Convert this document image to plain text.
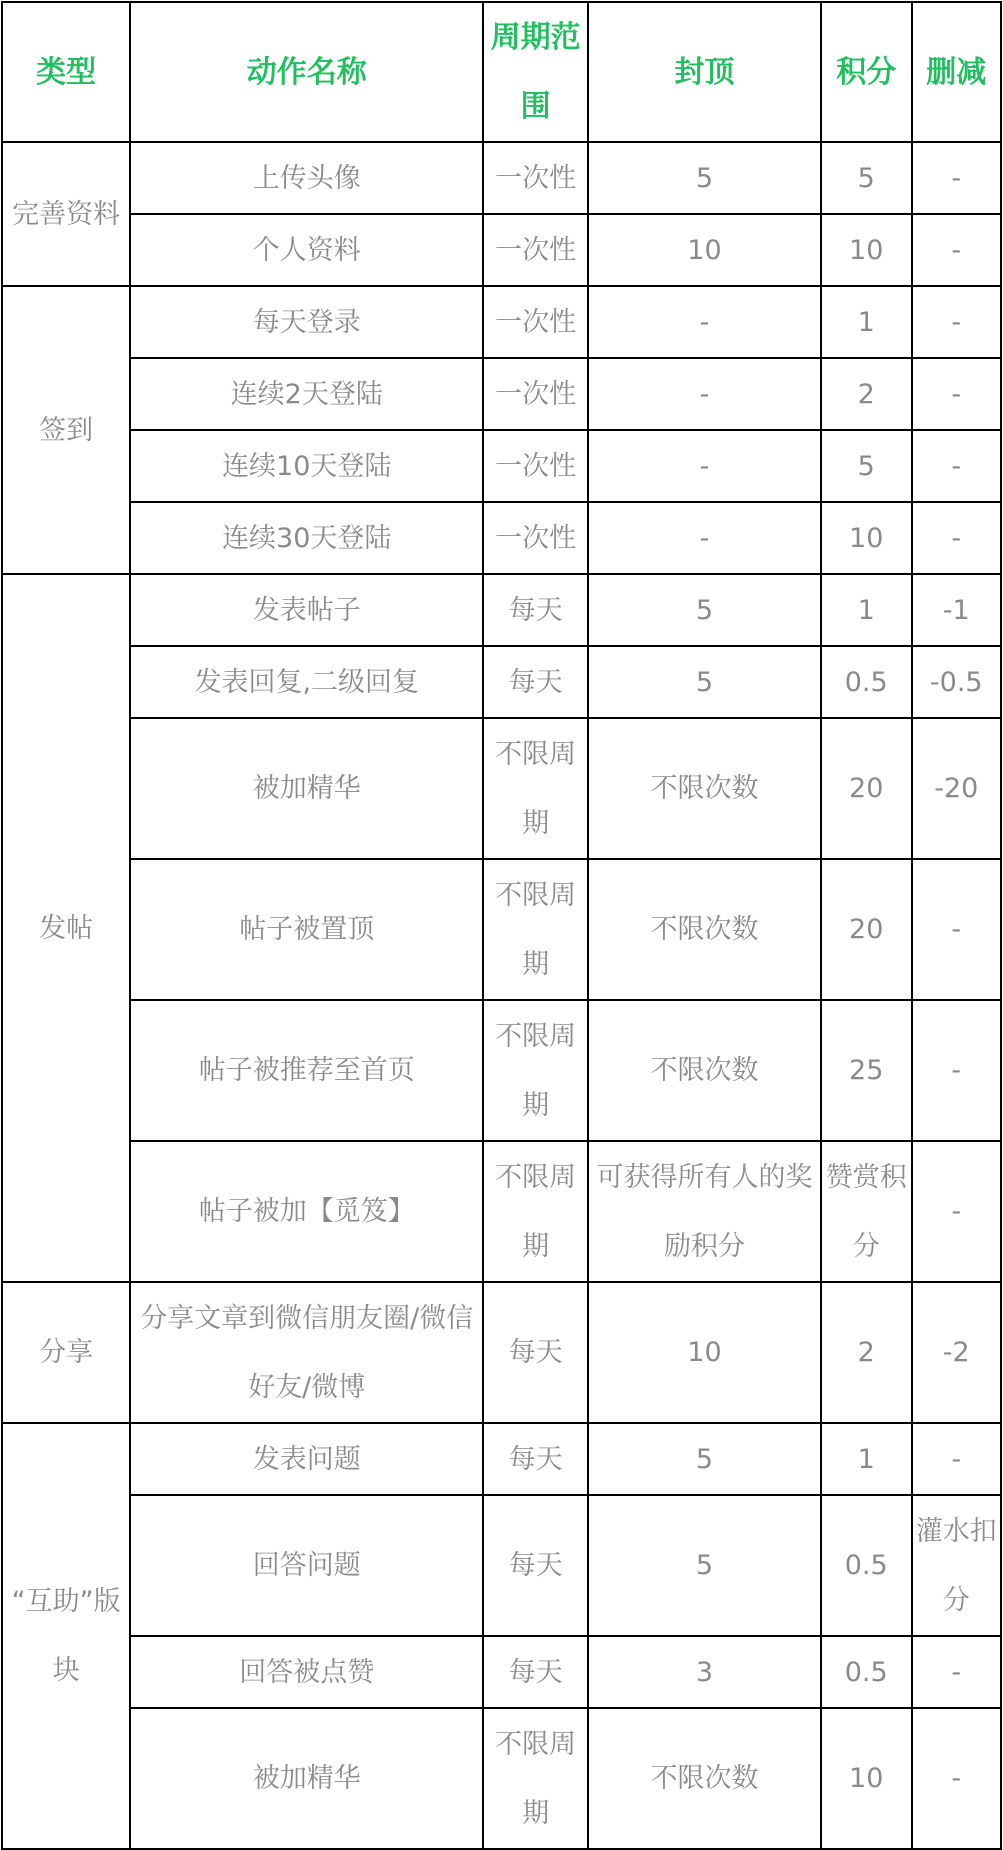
类型	动作名称	周期范围	封顶	积分	删减
完善资料	上传头像	一次性	5	5	-
	个人资料	一次性	10	10	-
签到	每天登录	一次性	-	1	-
	连续2天登陆	一次性	-	2	-
	连续10天登陆	一次性	-	5	-
	连续30天登陆	一次性	-	10	-
发帖	发表帖子	每天	5	1	-1
	发表回复,二级回复	每天	5	0.5	-0.5
	被加精华	不限周期	不限次数	20	-20
	帖子被置顶	不限周期	不限次数	20	-
	帖子被推荐至首页	不限周期	不限次数	25	-
	帖子被加【觅笈】	不限周期	可获得所有人的奖励积分	赞赏积分	-
分享	分享文章到微信朋友圈/微信好友/微博	每天	10	2	-2
“互助”版块	发表问题	每天	5	1	-
	回答问题	每天	5	0.5	灌水扣分
	回答被点赞	每天	3	0.5	-
	被加精华	不限周期	不限次数	10	-
